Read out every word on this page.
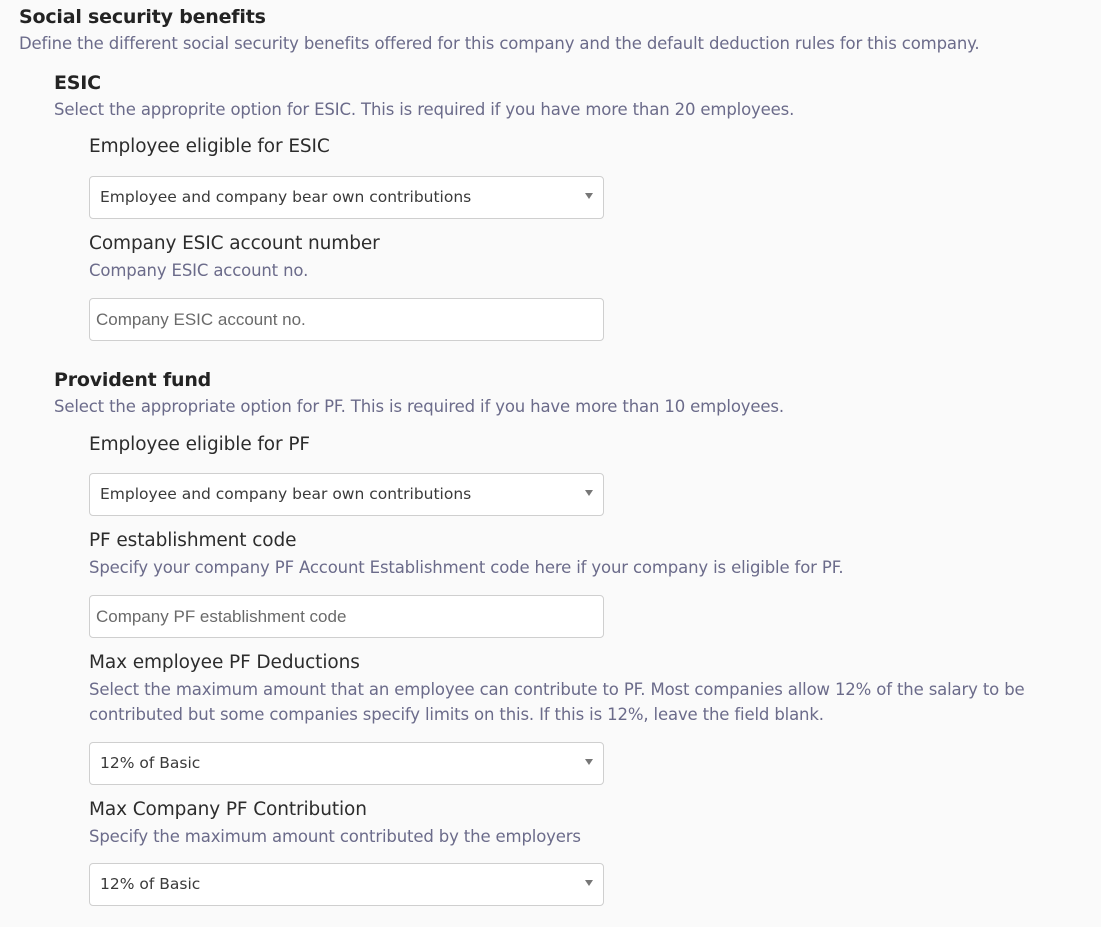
Social security benefits
Define the different social security benefits offered for this company and the default deduction rules for this company.
ESIC
Select the approprite option for ESIC. This is required if you have more than 20 employees.
Employee eligible for ESIC
Employee and company bear own contributions
Company ESIC account number
Company ESIC account no.
Company ESIC account no.
Provident fund
Select the appropriate option for PF. This is required if you have more than 10 employees.
Employee eligible for PF
Employee and company bear own contributions
PF establishment code
Specify your company PF Account Establishment code here if your company is eligible for PF.
Company PF establishment code
Max employee PF Deductions
Select the maximum amount that an employee can contribute to PF. Most companies allow 12% of the salary to be contributed but some companies specify limits on this. If this is 12%, leave the field blank.
12% of Basic
Max Company PF Contribution
Specify the maximum amount contributed by the employers
12% of Basic
